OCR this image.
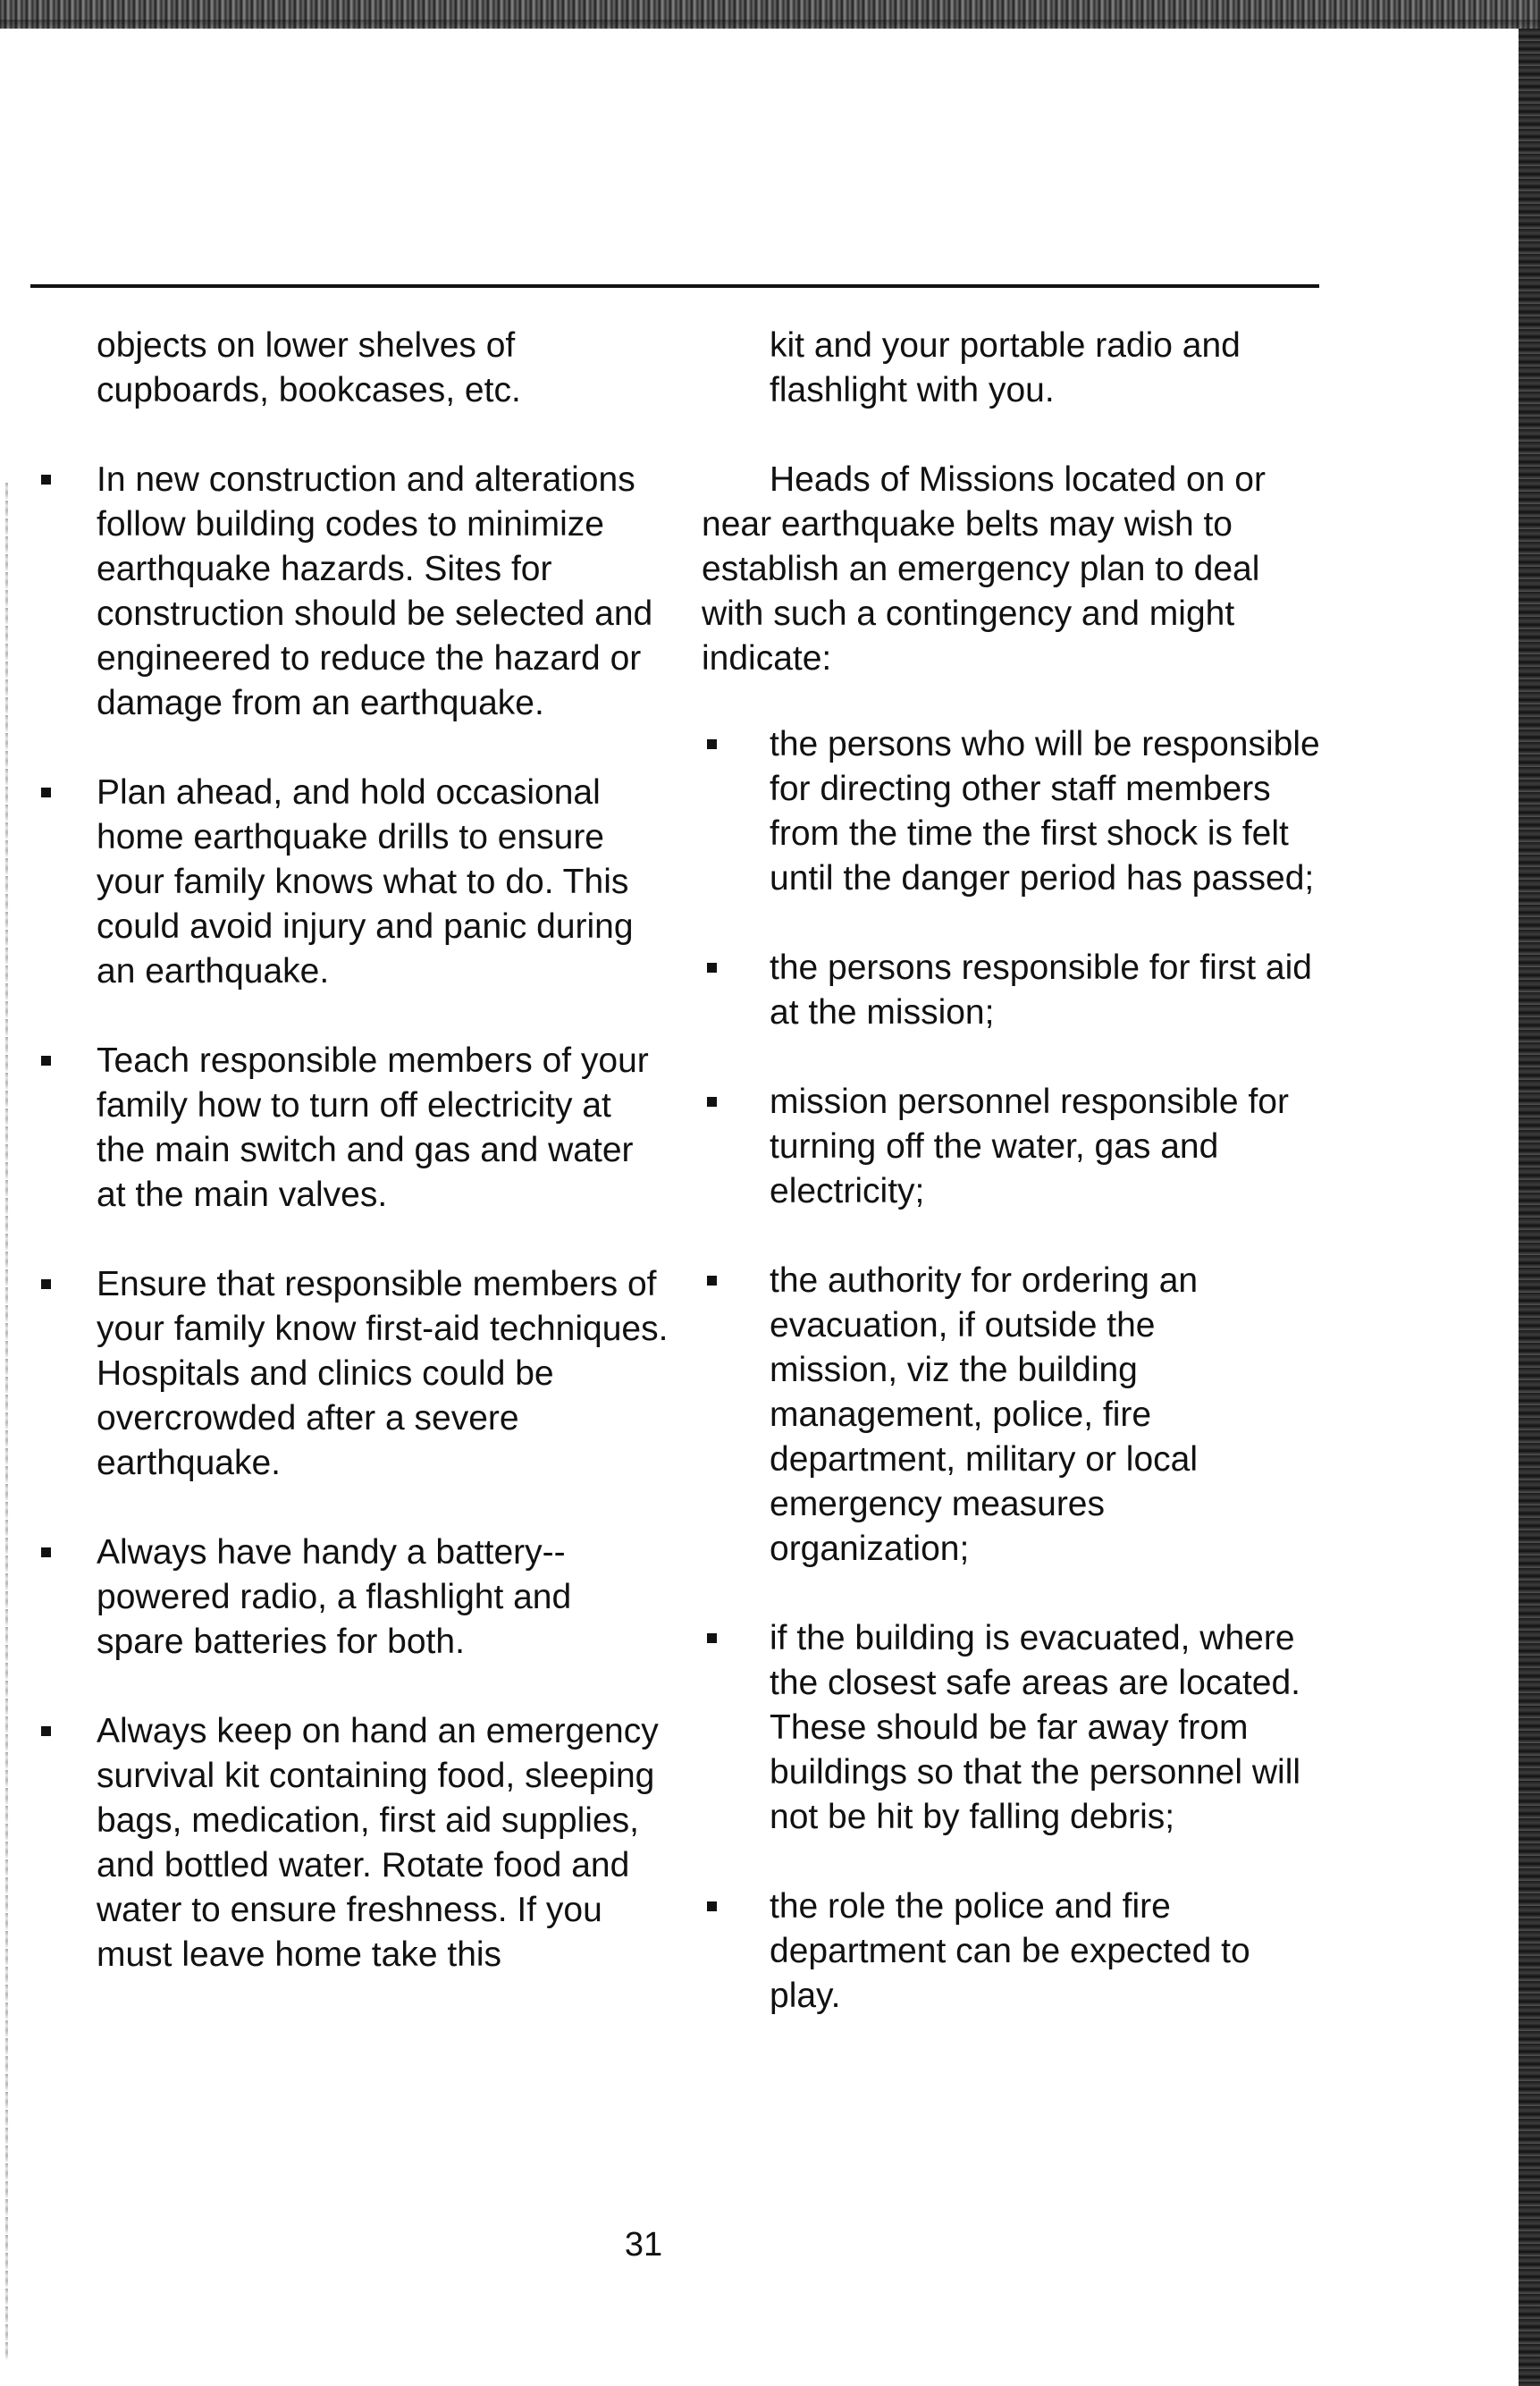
objects on lower shelves of cupboards, bookcases, etc.

In new construction and alterations follow building codes to minimize earthquake hazards. Sites for construction should be selected and engineered to reduce the hazard or damage from an earthquake.

Plan ahead, and hold occasional home earthquake drills to ensure your family knows what to do. This could avoid injury and panic during an earthquake.

Teach responsible members of your family how to turn off electricity at the main switch and gas and water at the main valves.

Ensure that responsible members of your family know first-aid techniques. Hospitals and clinics could be overcrowded after a severe earthquake.

Always have handy a battery--powered radio, a flashlight and spare batteries for both.

Always keep on hand an emergency survival kit containing food, sleeping bags, medication, first aid supplies, and bottled water. Rotate food and water to ensure freshness. If you must leave home take this

kit and your portable radio and flashlight with you.

Heads of Missions located on or near earthquake belts may wish to establish an emergency plan to deal with such a contingency and might indicate:

the persons who will be responsible for directing other staff members from the time the first shock is felt until the danger period has passed;

the persons responsible for first aid at the mission;

mission personnel responsible for turning off the water, gas and electricity;

the authority for ordering an evacuation, if outside the mission, viz the building management, police, fire department, military or local emergency measures organization;

if the building is evacuated, where the closest safe areas are located. These should be far away from buildings so that the personnel will not be hit by falling debris;

the role the police and fire department can be expected to play.

31
